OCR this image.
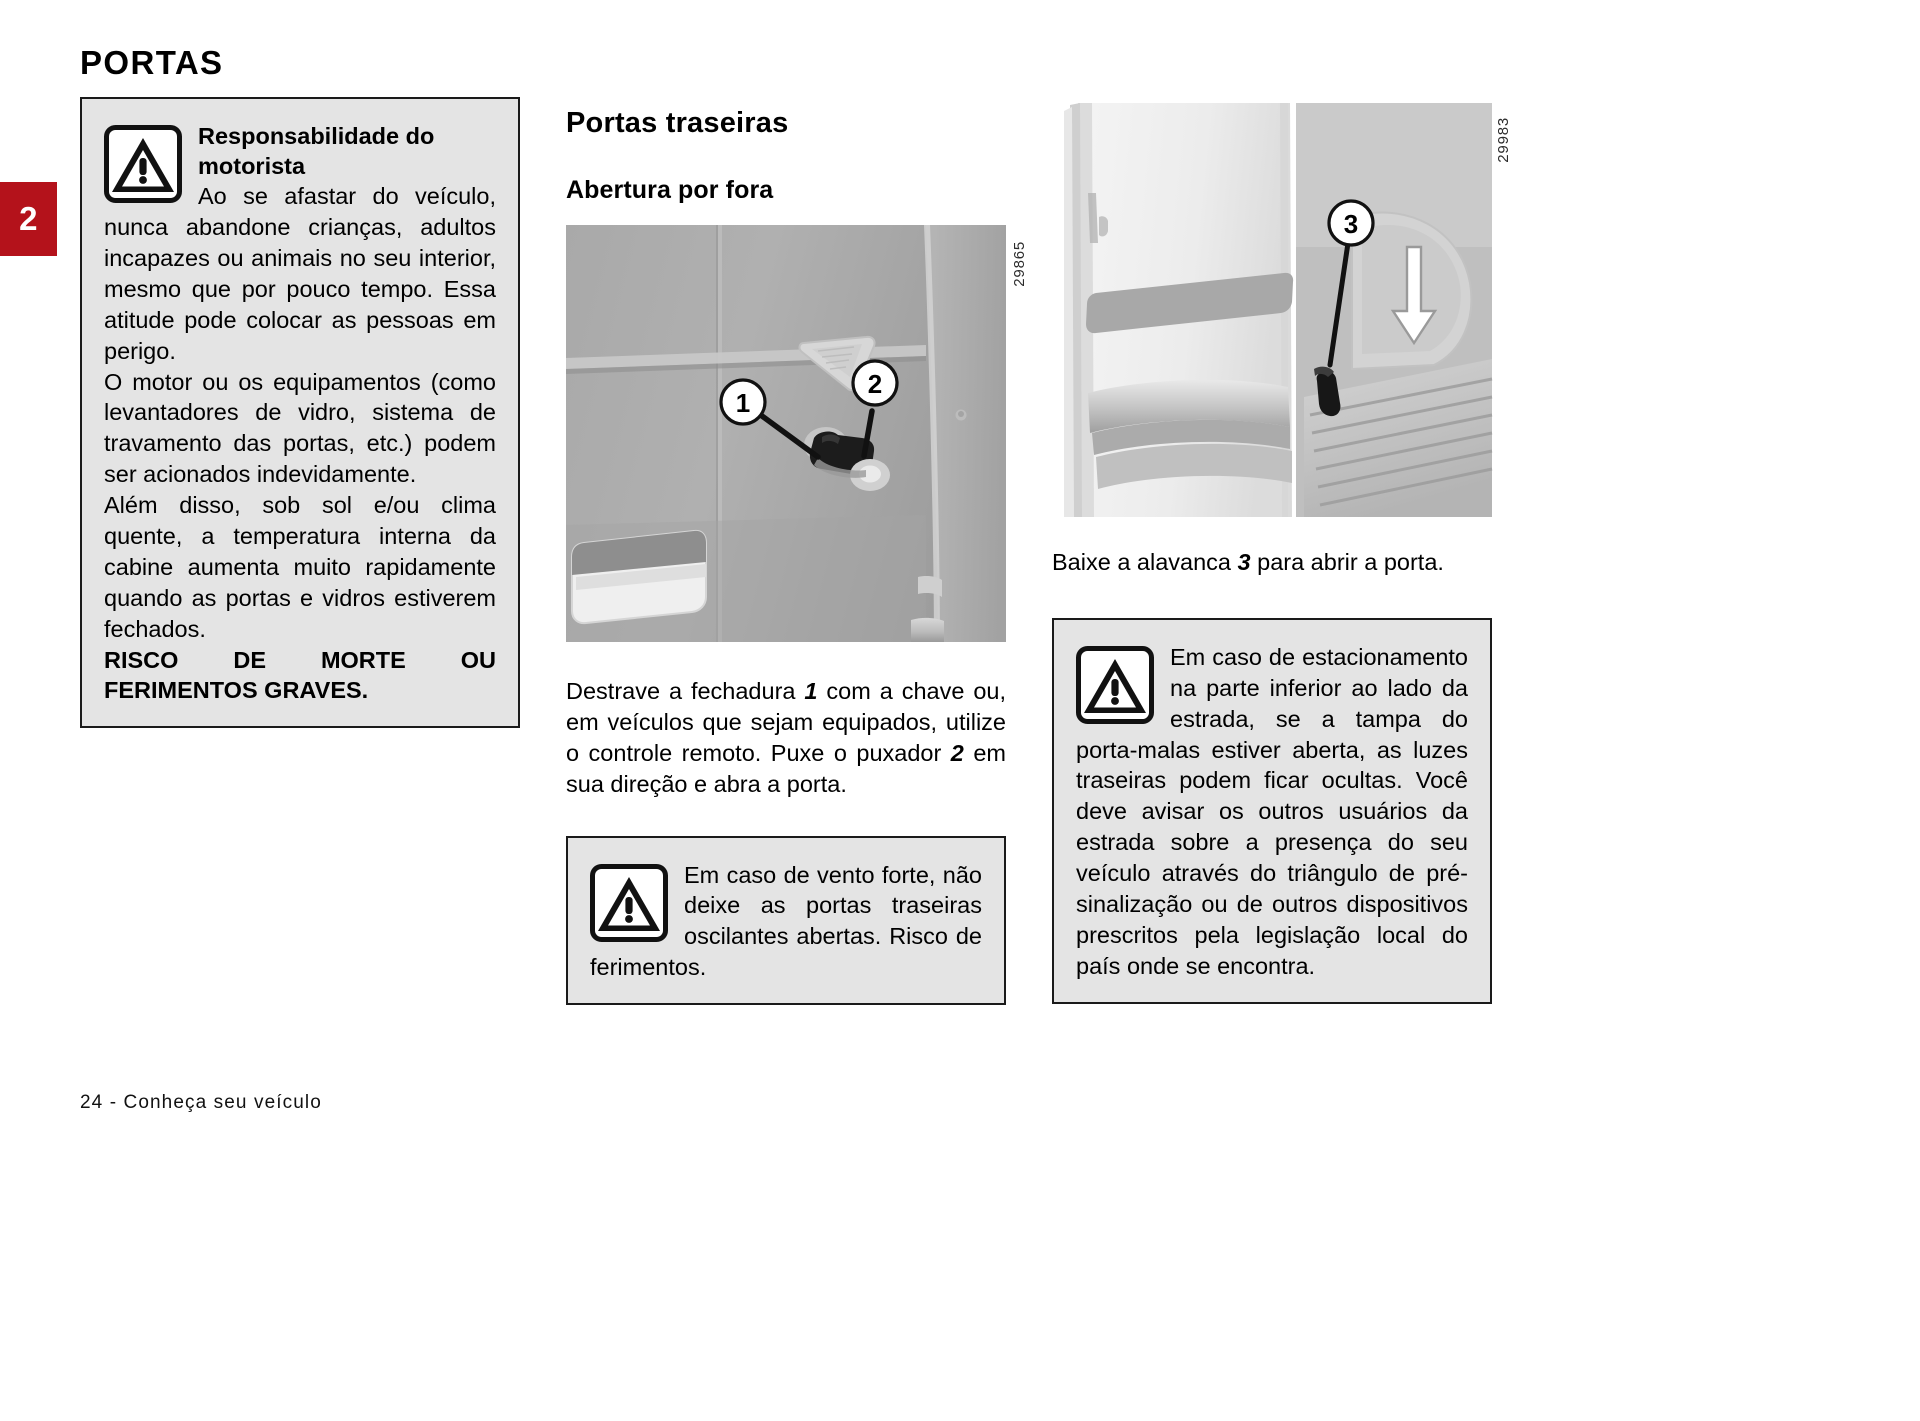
2
PORTAS
Responsabilidade do motorista
Ao se afastar do veículo, nunca abandone crianças, adultos incapazes ou animais no seu interior, mesmo que por pouco tempo. Essa atitude pode colocar as pessoas em perigo.
O motor ou os equipamentos (como levantadores de vidro, sistema de travamento das portas, etc.) podem ser acionados indevidamente.
Além disso, sob sol e/ou clima quente, a temperatura interna da cabine aumenta muito rapidamente quando as portas e vidros estiverem fechados.
RISCO DE MORTE OU FERIMENTOS GRAVES.
Portas traseiras
Abertura por fora
1
2
29865
Destrave a fechadura 1 com a chave ou, em veículos que sejam equipados, utilize o controle remoto. Puxe o puxador 2 em sua direção e abra a porta.
Em caso de vento forte, não deixe as portas traseiras oscilantes abertas. Risco de ferimentos.
3
29983
Baixe a alavanca 3 para abrir a porta.
Em caso de estacionamento na parte inferior ao lado da estrada, se a tampa do porta-malas estiver aberta, as luzes traseiras podem ficar ocultas. Você deve avisar os outros usuários da estrada sobre a presença do seu veículo através do triângulo de pré-sinalização ou de outros dispositivos prescritos pela legislação local do país onde se encontra.
24 - Conheça seu veículo
